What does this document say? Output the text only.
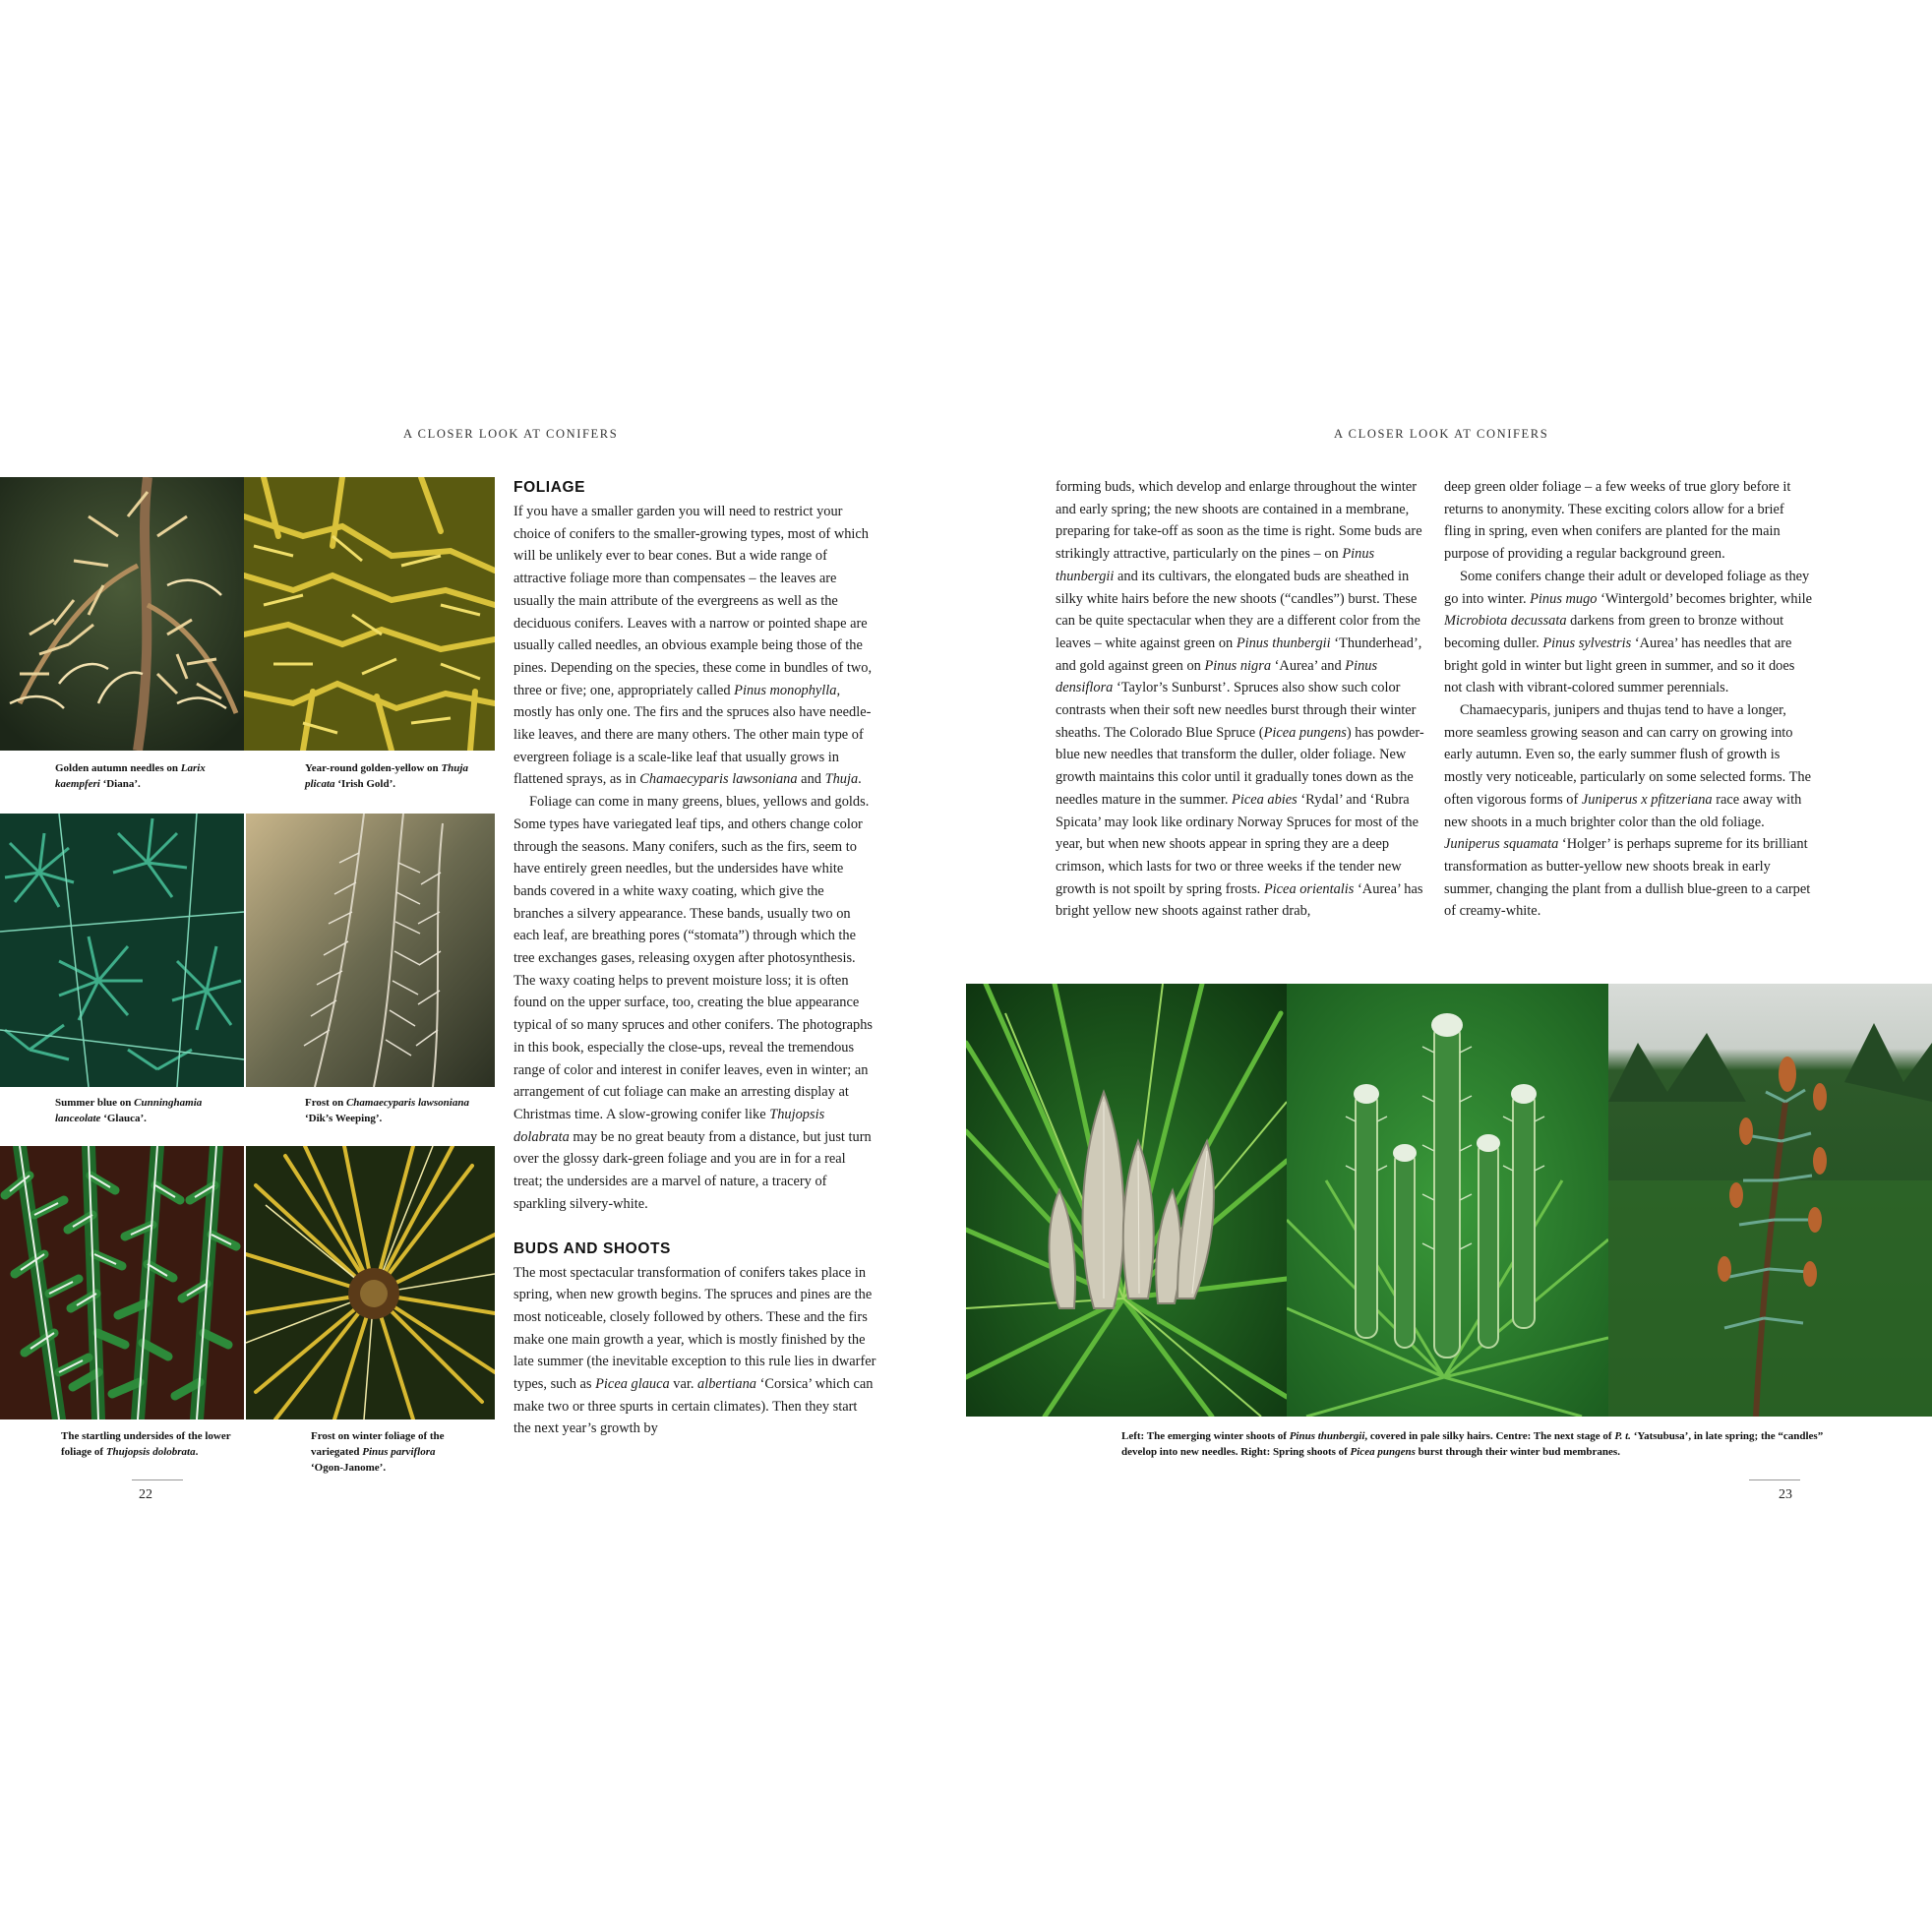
A CLOSER LOOK AT CONIFERS
Golden autumn needles on Larix kaempferi ‘Diana’.
Year-round golden-yellow on Thuja plicata ‘Irish Gold’.
Summer blue on Cunninghamia lanceolate ‘Glauca’.
Frost on Chamaecyparis lawsoniana ‘Dik’s Weeping’.
The startling undersides of the lower foliage of Thujopsis dolobrata.
Frost on winter foliage of the variegated Pinus parviflora ‘Ogon-Janome’.
FOLIAGE

If you have a smaller garden you will need to restrict your choice of conifers to the smaller-growing types, most of which will be unlikely ever to bear cones. But a wide range of attractive foliage more than compensates – the leaves are usually the main attribute of the evergreens as well as the deciduous conifers. Leaves with a narrow or pointed shape are usually called needles, an obvious example being those of the pines. Depending on the species, these come in bundles of two, three or five; one, appropriately called Pinus monophylla, mostly has only one. The firs and the spruces also have needle-like leaves, and there are many others. The other main type of evergreen foliage is a scale-like leaf that usually grows in flattened sprays, as in Chamaecyparis lawsoniana and Thuja.

Foliage can come in many greens, blues, yellows and golds. Some types have variegated leaf tips, and others change color through the seasons. Many conifers, such as the firs, seem to have entirely green needles, but the undersides have white bands covered in a white waxy coating, which give the branches a silvery appearance. These bands, usually two on each leaf, are breathing pores (“stomata”) through which the tree exchanges gases, releasing oxygen after photosynthesis. The waxy coating helps to prevent moisture loss; it is often found on the upper surface, too, creating the blue appearance typical of so many spruces and other conifers. The photographs in this book, especially the close-ups, reveal the tremendous range of color and interest in conifer leaves, even in winter; an arrangement of cut foliage can make an arresting display at Christmas time. A slow-growing conifer like Thujopsis dolabrata may be no great beauty from a distance, but just turn over the glossy dark-green foliage and you are in for a real treat; the undersides are a marvel of nature, a tracery of sparkling silvery-white.

BUDS AND SHOOTS

The most spectacular transformation of conifers takes place in spring, when new growth begins. The spruces and pines are the most noticeable, closely followed by others. These and the firs make one main growth a year, which is mostly finished by the late summer (the inevitable exception to this rule lies in dwarfer types, such as Picea glauca var. albertiana ‘Corsica’ which can make two or three spurts in certain climates). Then they start the next year’s growth by

22
A CLOSER LOOK AT CONIFERS

forming buds, which develop and enlarge throughout the winter and early spring; the new shoots are contained in a membrane, preparing for take-off as soon as the time is right. Some buds are strikingly attractive, particularly on the pines – on Pinus thunbergii and its cultivars, the elongated buds are sheathed in silky white hairs before the new shoots (“candles”) burst. These can be quite spectacular when they are a different color from the leaves – white against green on Pinus thunbergii ‘Thunderhead’, and gold against green on Pinus nigra ‘Aurea’ and Pinus densiflora ‘Taylor’s Sunburst’. Spruces also show such color contrasts when their soft new needles burst through their winter sheaths. The Colorado Blue Spruce (Picea pungens) has powder-blue new needles that transform the duller, older foliage. New growth maintains this color until it gradually tones down as the needles mature in the summer. Picea abies ‘Rydal’ and ‘Rubra Spicata’ may look like ordinary Norway Spruces for most of the year, but when new shoots appear in spring they are a deep crimson, which lasts for two or three weeks if the tender new growth is not spoilt by spring frosts. Picea orientalis ‘Aurea’ has bright yellow new shoots against rather drab,

deep green older foliage – a few weeks of true glory before it returns to anonymity. These exciting colors allow for a brief fling in spring, even when conifers are planted for the main purpose of providing a regular background green.

Some conifers change their adult or developed foliage as they go into winter. Pinus mugo ‘Wintergold’ becomes brighter, while Microbiota decussata darkens from green to bronze without becoming duller. Pinus sylvestris ‘Aurea’ has needles that are bright gold in winter but light green in summer, and so it does not clash with vibrant-colored summer perennials.

Chamaecyparis, junipers and thujas tend to have a longer, more seamless growing season and can carry on growing into early autumn. Even so, the early summer flush of growth is mostly very noticeable, particularly on some selected forms. The often vigorous forms of Juniperus x pfitzeriana race away with new shoots in a much brighter color than the old foliage. Juniperus squamata ‘Holger’ is perhaps supreme for its brilliant transformation as butter-yellow new shoots break in early summer, changing the plant from a dullish blue-green to a carpet of creamy-white.

Left: The emerging winter shoots of Pinus thunbergii, covered in pale silky hairs. Centre: The next stage of P. t. ‘Yatsubusa’, in late spring; the “candles” develop into new needles. Right: Spring shoots of Picea pungens burst through their winter bud membranes.
23
